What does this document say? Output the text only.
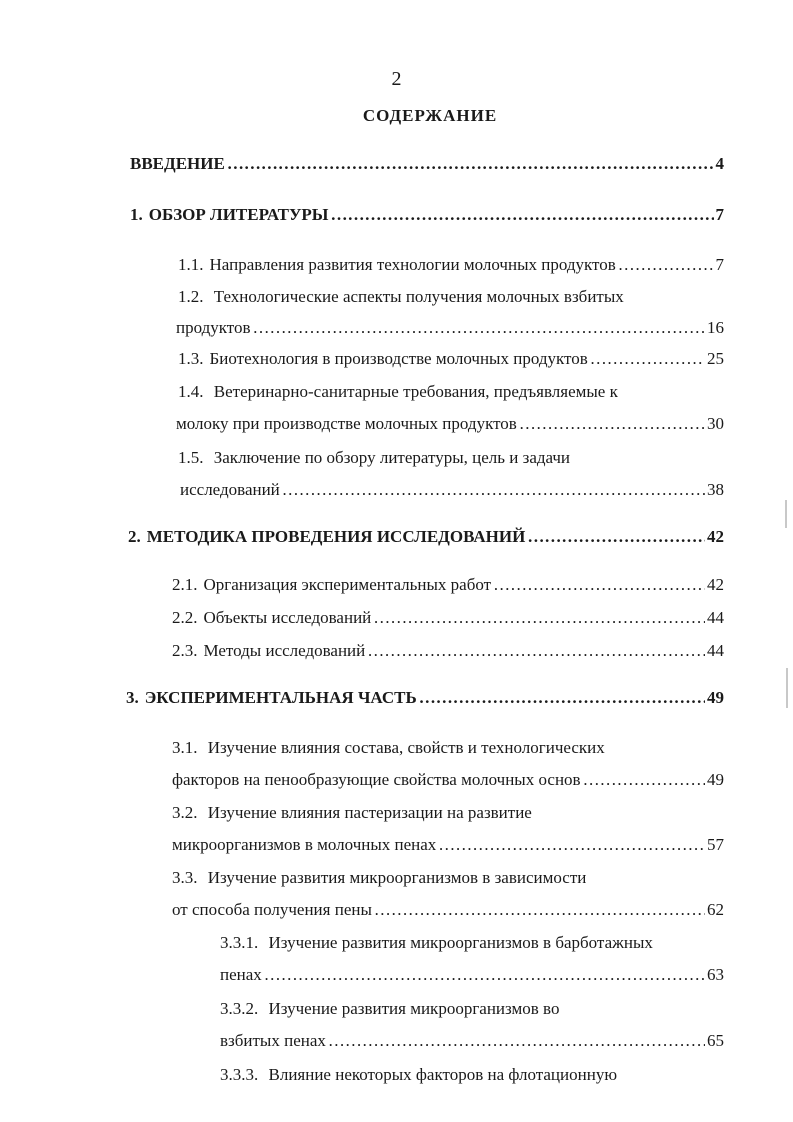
2
СОДЕРЖАНИЕ
ВВЕДЕНИЕ ………………………………………………………………………………………………………………………………………………	4
1. ОБЗОР ЛИТЕРАТУРЫ ………………………………………………………………………………………………………………………………………………	7
1.1. Направления развития технологии молочных продуктов ………………………………………………………………………………………………………………………………………………	7
1.2. Технологические аспекты получения молочных взбитых
продуктов ………………………………………………………………………………………………………………………………………………	16
1.3. Биотехнология в производстве молочных продуктов ………………………………………………………………………………………………………………………………………………	25
1.4. Ветеринарно-санитарные требования, предъявляемые к
молоку при производстве молочных продуктов ………………………………………………………………………………………………………………………………………………	30
1.5. Заключение по обзору литературы, цель и задачи
исследований ………………………………………………………………………………………………………………………………………………	38
2. МЕТОДИКА ПРОВЕДЕНИЯ ИССЛЕДОВАНИЙ ………………………………………………………………………………………………………………………………………………	42
2.1. Организация экспериментальных работ ………………………………………………………………………………………………………………………………………………	42
2.2. Объекты исследований ………………………………………………………………………………………………………………………………………………	44
2.3. Методы исследований ………………………………………………………………………………………………………………………………………………	44
3. ЭКСПЕРИМЕНТАЛЬНАЯ ЧАСТЬ ………………………………………………………………………………………………………………………………………………	49
3.1. Изучение влияния состава, свойств и технологических
факторов на пенообразующие свойства молочных основ ………………………………………………………………………………………………………………………………………………	49
3.2. Изучение влияния пастеризации на развитие
микроорганизмов в молочных пенах ………………………………………………………………………………………………………………………………………………	57
3.3. Изучение развития микроорганизмов в зависимости
от способа получения пены ………………………………………………………………………………………………………………………………………………	62
3.3.1. Изучение развития микроорганизмов в барботажных
пенах ………………………………………………………………………………………………………………………………………………	63
3.3.2. Изучение развития микроорганизмов во
взбитых пенах ………………………………………………………………………………………………………………………………………………	65
3.3.3. Влияние некоторых факторов на флотационную
